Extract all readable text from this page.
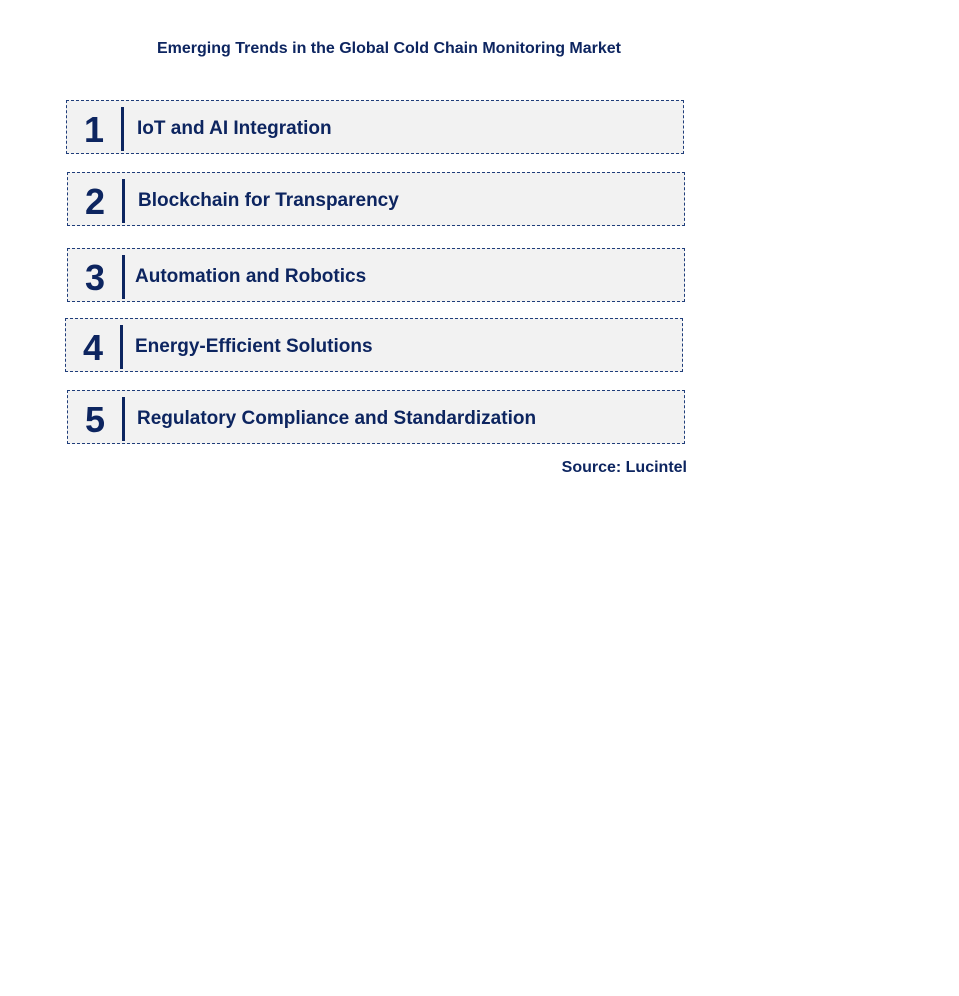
Emerging Trends in the Global Cold Chain Monitoring Market
1	IoT and AI Integration
2	Blockchain for Transparency
3	Automation and Robotics
4	Energy-Efficient Solutions
5	Regulatory Compliance and Standardization
Source: Lucintel
